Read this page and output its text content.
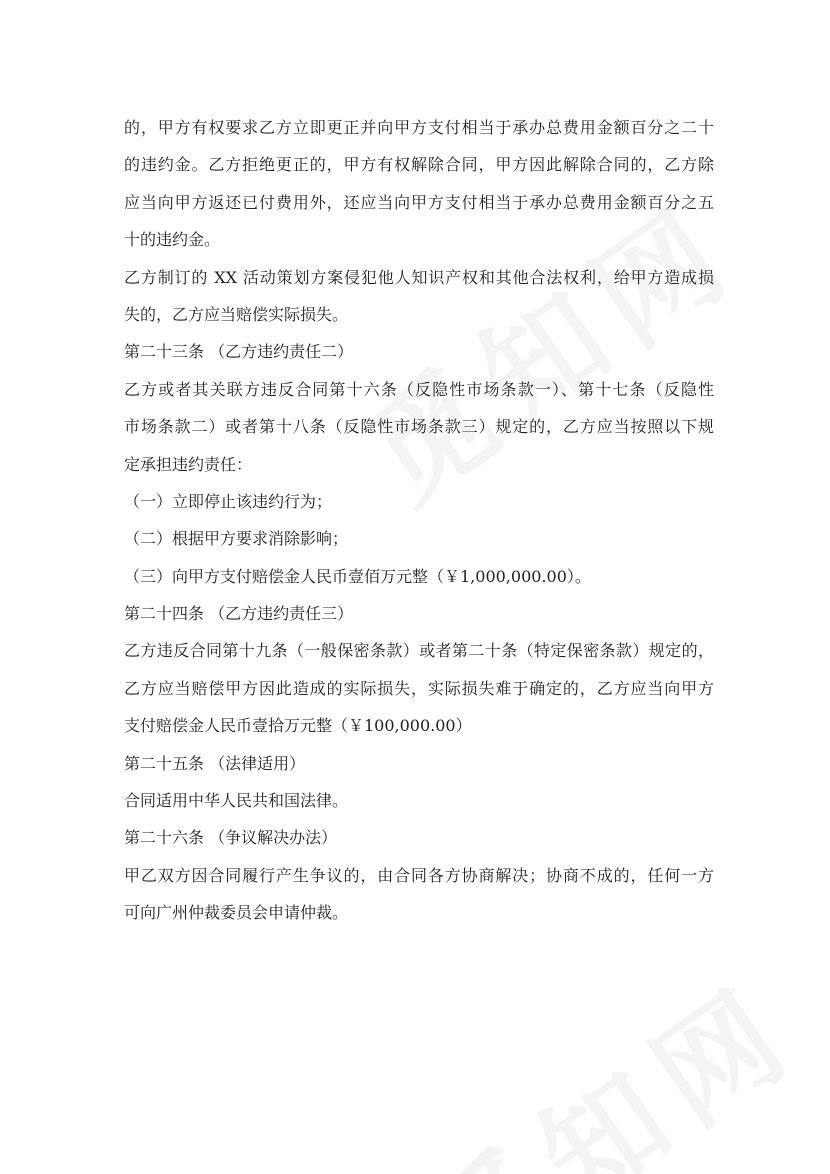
的，甲方有权要求乙方立即更正并向甲方支付相当于承办总费用金额百分之二十
的违约金。乙方拒绝更正的，甲方有权解除合同，甲方因此解除合同的，乙方除
应当向甲方返还已付费用外，还应当向甲方支付相当于承办总费用金额百分之五
十的违约金。
乙方制订的 XX 活动策划方案侵犯他人知识产权和其他合法权利，给甲方造成损
失的，乙方应当赔偿实际损失。
第二十三条 （乙方违约责任二）
乙方或者其关联方违反合同第十六条（反隐性市场条款一）、第十七条（反隐性
市场条款二）或者第十八条（反隐性市场条款三）规定的，乙方应当按照以下规
定承担违约责任：
（一）立即停止该违约行为；
（二）根据甲方要求消除影响；
（三）向甲方支付赔偿金人民币壹佰万元整（￥1,000,000.00）。
第二十四条 （乙方违约责任三）
乙方违反合同第十九条（一般保密条款）或者第二十条（特定保密条款）规定的，
乙方应当赔偿甲方因此造成的实际损失，实际损失难于确定的，乙方应当向甲方
支付赔偿金人民币壹拾万元整（￥100,000.00）
第二十五条 （法律适用）
合同适用中华人民共和国法律。
第二十六条 （争议解决办法）
甲乙双方因合同履行产生争议的，由合同各方协商解决；协商不成的，任何一方
可向广州仲裁委员会申请仲裁。
